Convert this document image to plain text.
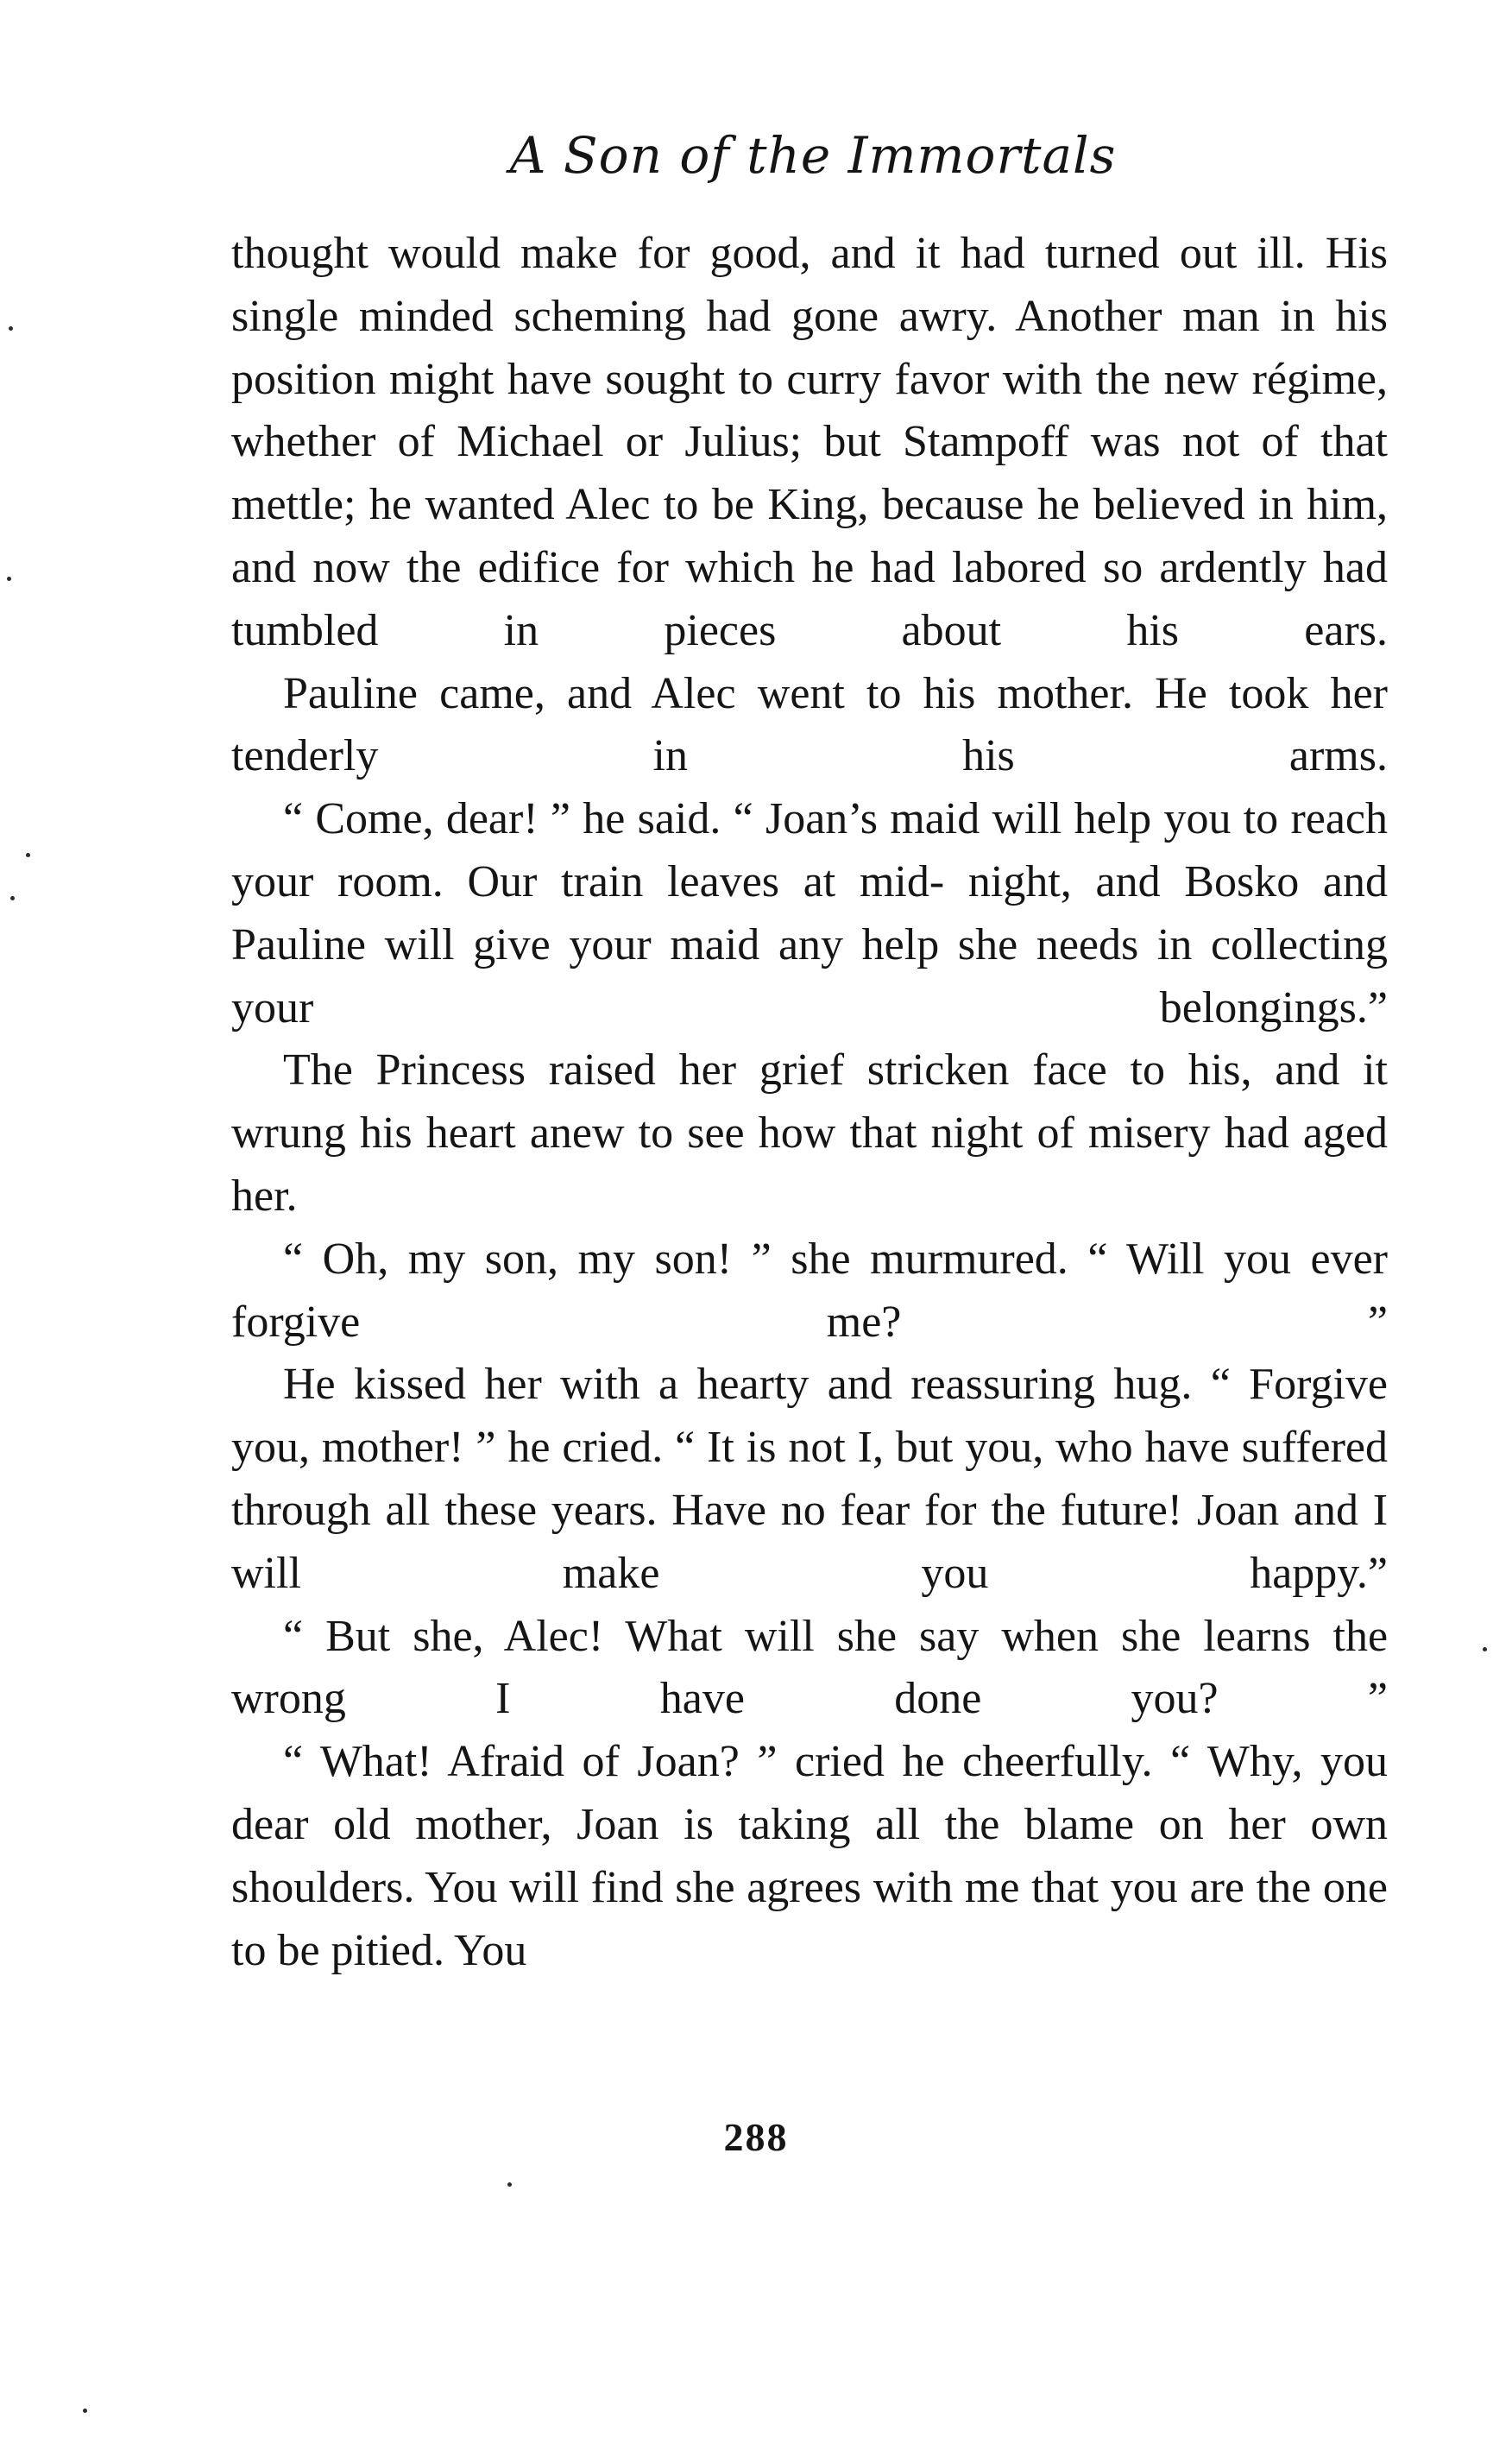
A Son of the Immortals

thought would make for good, and it had turned out ill. His single minded scheming had gone awry. Another man in his position might have sought to curry favor with the new régime, whether of Michael or Julius; but Stampoff was not of that mettle; he wanted Alec to be King, because he believed in him, and now the edifice for which he had labored so ardently had tumbled in pieces about his ears.

Pauline came, and Alec went to his mother. He took her tenderly in his arms.

“ Come, dear! ” he said. “ Joan’s maid will help you to reach your room. Our train leaves at mid- night, and Bosko and Pauline will give your maid any help she needs in collecting your belongings.”

The Princess raised her grief stricken face to his, and it wrung his heart anew to see how that night of misery had aged her.

“ Oh, my son, my son! ” she murmured. “ Will you ever forgive me? ”

He kissed her with a hearty and reassuring hug. “ Forgive you, mother! ” he cried. “ It is not I, but you, who have suffered through all these years. Have no fear for the future! Joan and I will make	you happy.”

“ But she, Alec! What will she say when she learns the wrong I have done you? ”

“ What! Afraid of Joan? ” cried he cheerfully. “ Why, you dear old mother, Joan is taking all the blame on her own shoulders. You will find she agrees with me that you are the one to be pitied. You

288
